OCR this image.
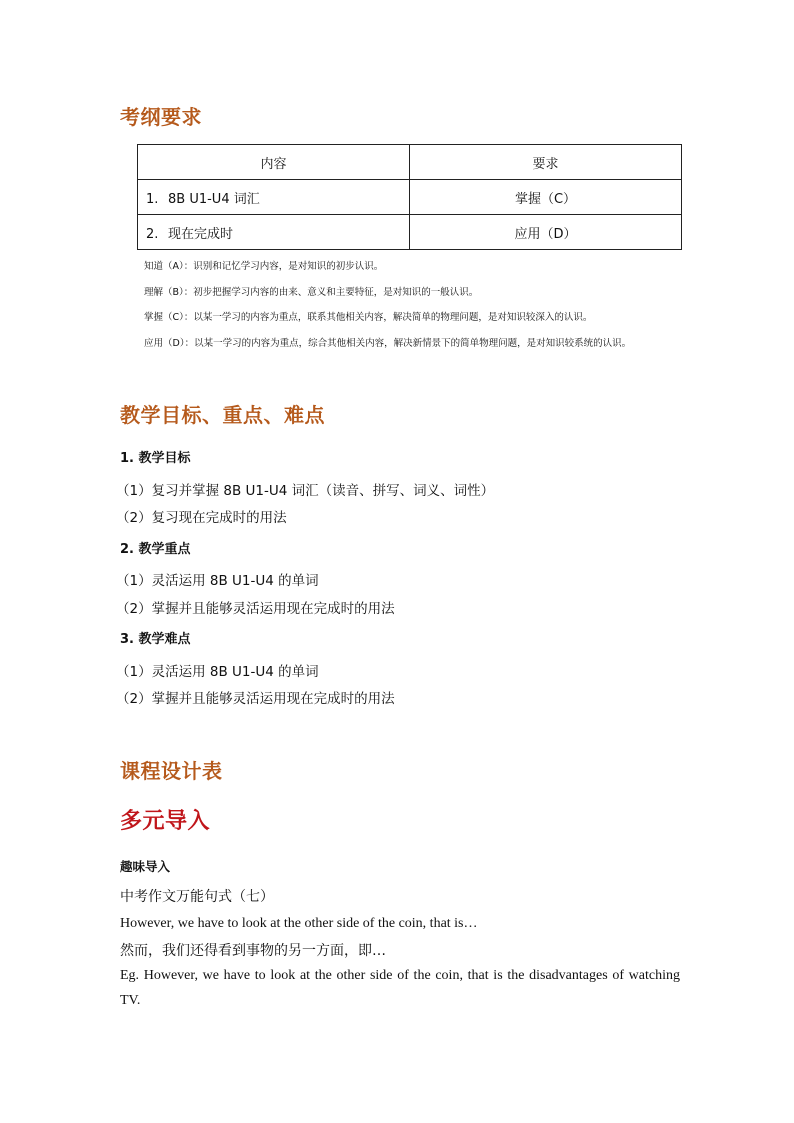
考纲要求
内容	要求
1. 8B U1-U4 词汇	掌握（C）
2. 现在完成时	应用（D）
知道（A）：识别和记忆学习内容，是对知识的初步认识。
理解（B）：初步把握学习内容的由来、意义和主要特征，是对知识的一般认识。
掌握（C）：以某一学习的内容为重点，联系其他相关内容，解决简单的物理问题，是对知识较深入的认识。
应用（D）：以某一学习的内容为重点，综合其他相关内容，解决新情景下的简单物理问题，是对知识较系统的认识。
教学目标、重点、难点
1. 教学目标
（1）复习并掌握 8B U1-U4 词汇（读音、拼写、词义、词性）
（2）复习现在完成时的用法
2. 教学重点
（1）灵活运用 8B U1-U4 的单词
（2）掌握并且能够灵活运用现在完成时的用法
3. 教学难点
（1）灵活运用 8B U1-U4 的单词
（2）掌握并且能够灵活运用现在完成时的用法
课程设计表
多元导入
趣味导入
中考作文万能句式（七）
However, we have to look at the other side of the coin, that is…
然而，我们还得看到事物的另一方面，即…
Eg. However, we have to look at the other side of the coin, that is the disadvantages of watching TV.
